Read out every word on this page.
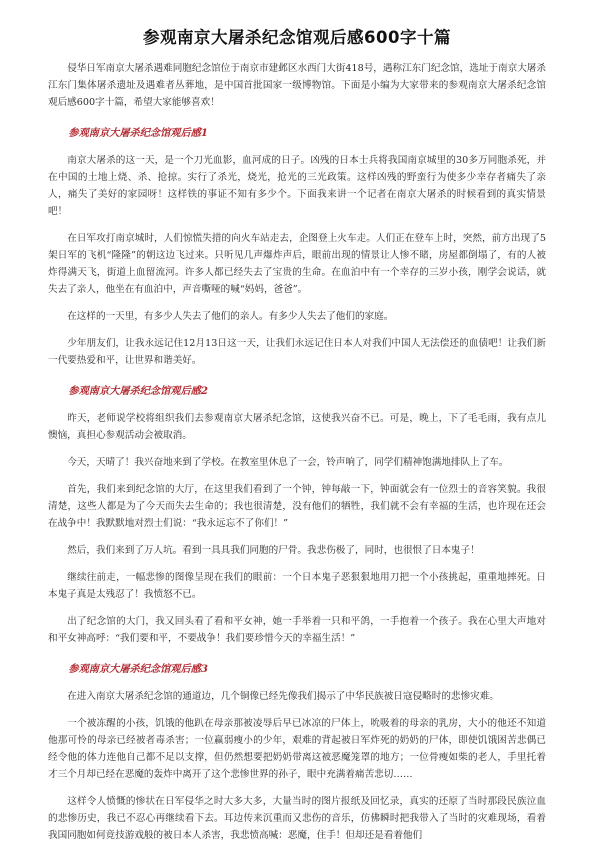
参观南京大屠杀纪念馆观后感600字十篇

侵华日军南京大屠杀遇难同胞纪念馆位于南京市建邺区水西门大街418号，遇称江东门纪念馆，选址于南京大屠杀江东门集体屠杀遗址及遇难者丛葬地，是中国首批国家一级博物馆。下面是小编为大家带来的参观南京大屠杀纪念馆观后感600字十篇，希望大家能够喜欢！

参观南京大屠杀纪念馆观后感1

南京大屠杀的这一天，是一个刀光血影，血河成的日子。凶残的日本士兵将我国南京城里的30多万同胞杀死，并在中国的土地上烧、杀、抢掠。实行了杀光，烧光，抢光的三光政策。这样凶残的野蛮行为使多少幸存者痛失了亲人，痛失了美好的家园呀！这样铁的事证不知有多少个。下面我来讲一个记者在南京大屠杀的时候看到的真实情景吧！

在日军攻打南京城时，人们惊慌失措的向火车站走去，企图登上火车走。人们正在登车上时，突然，前方出现了5架日军的飞机“隆隆”的朝这边飞过来。只听见几声爆炸声后，眼前出现的情景让人惨不睹，房屋都倒塌了，有的人被炸得满天飞，街道上血留流河。许多人都已经失去了宝贵的生命。在血泊中有一个幸存的三岁小孩，刚学会说话，就失去了亲人，他坐在有血泊中，声音嘶哑的喊“妈妈，爸爸”。

在这样的一天里，有多少人失去了他们的亲人。有多少人失去了他们的家庭。

少年朋友们，让我永远记住12月13日这一天，让我们永远记住日本人对我们中国人无法偿还的血债吧！让我们新一代要热爱和平，让世界和谐美好。

参观南京大屠杀纪念馆观后感2

昨天，老师说学校将组织我们去参观南京大屠杀纪念馆，这使我兴奋不已。可是，晚上，下了毛毛雨，我有点儿懊恼，真担心参观活动会被取消。

今天，天晴了！我兴奋地来到了学校。在教室里休息了一会，铃声响了，同学们精神饱满地排队上了车。

首先，我们来到纪念馆的大厅，在这里我们看到了一个钟，钟每敲一下，钟面就会有一位烈士的音容笑貌。我很清楚，这些人都是为了今天而失去生命的；我也很清楚，没有他们的牺牲，我们就不会有幸福的生活，也许现在还会在战争中！我默默地对烈士们说：“我永远忘不了你们！”

然后，我们来到了万人坑。看到一具具我们同胞的尸骨。我悲伤极了，同时，也很恨了日本鬼子！

继续往前走，一幅悲惨的图像呈现在我们的眼前：一个日本鬼子恶狠狠地用刀把一个小孩挑起，重重地摔死。日本鬼子真是太残忍了！我愤怒不已。

出了纪念馆的大门，我又回头看了看和平女神，她一手举着一只和平鸽，一手抱着一个孩子。我在心里大声地对和平女神高呼：“我们要和平，不要战争！我们要珍惜今天的幸福生活！”

参观南京大屠杀纪念馆观后感3

在进入南京大屠杀纪念馆的通道边，几个铜像已经先像我们揭示了中华民族被日寇侵略时的悲惨灾难。

一个被冻醒的小孩，饥饿的他趴在母亲那被凌辱后早已冰凉的尸体上，吮吸着的母亲的乳房，大小的他还不知道他那可怜的母亲已经被者毒杀害；一位赢弱瘦小的少年，艰难的背起被日军炸死的奶奶的尸体，即使饥饿困苦悲偶已经令他的体力连他自己都不足以支撑，但仍然想要把奶奶带离这被恶魔笼罩的地方；一位骨瘦如柴的老人，手里托着才三个月却已经在恶魔的轰炸中离开了这个悲惨世界的孙子，眼中充满着痛苦悲切……

这样令人愤慨的惨状在日军侵华之时大多大多，大量当时的图片报纸及回忆录，真实的还原了当时那段民族泣血的悲惨历史，我已不忍心再继续看下去。耳边传来沉重而又悲伤的音乐，仿佛瞬时把我带入了当时的灾难现场，看着我国同胞如何竟技游戏般的被日本人杀害，我悲愤高喊：恶魔，住手！但却还是看着他们
